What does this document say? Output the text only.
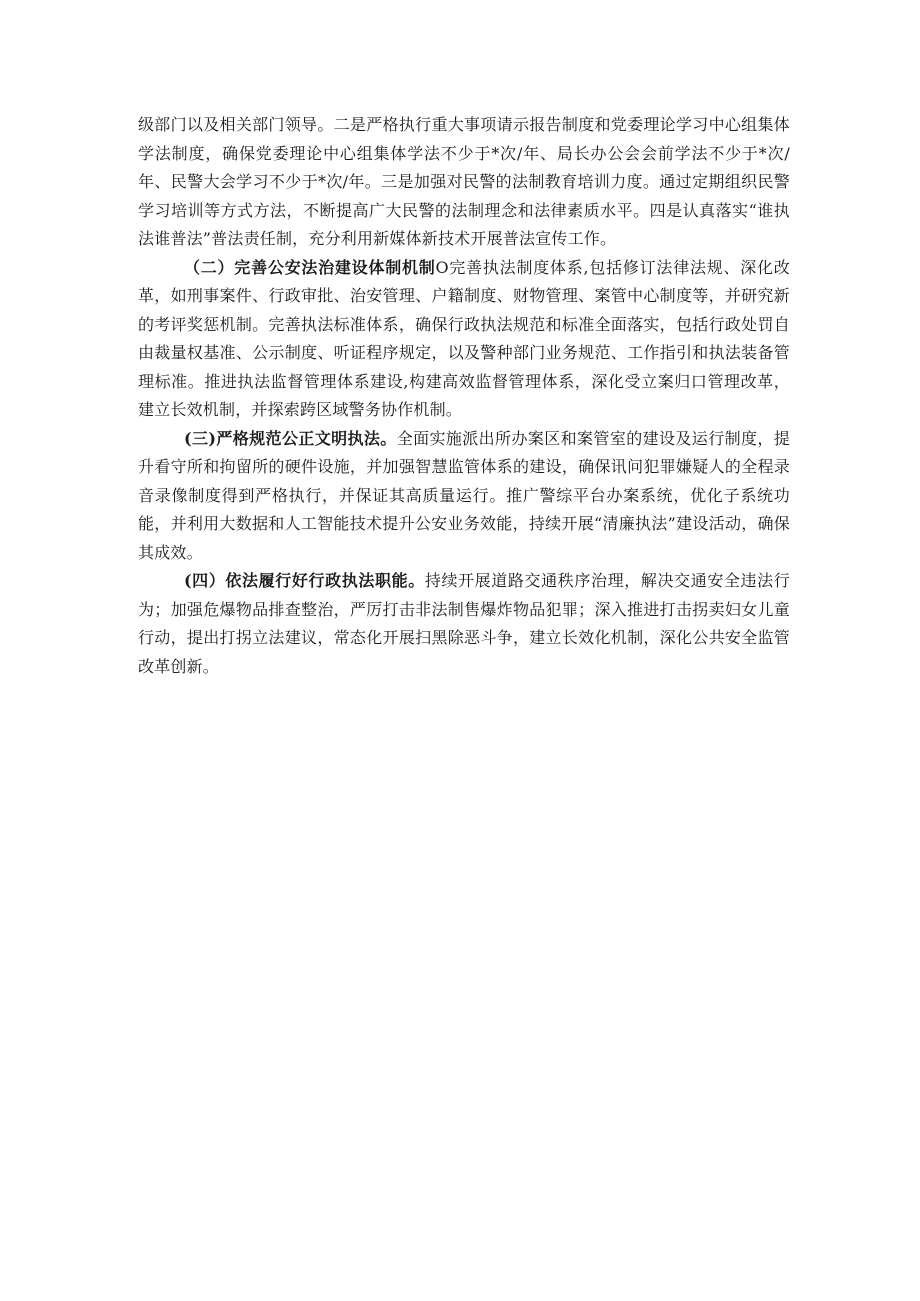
级部门以及相关部门领导。二是严格执行重大事项请示报告制度和党委理论学习中心组集体学法制度，确保党委理论中心组集体学法不少于*次/年、局长办公会会前学法不少于*次/年、民警大会学习不少于*次/年。三是加强对民警的法制教育培训力度。通过定期组织民警学习培训等方式方法，不断提高广大民警的法制理念和法律素质水平。四是认真落实“谁执法谁普法”普法责任制，充分利用新媒体新技术开展普法宣传工作。

（二）完善公安法治建设体制机制O完善执法制度体系,包括修订法律法规、深化改革，如刑事案件、行政审批、治安管理、户籍制度、财物管理、案管中心制度等，并研究新的考评奖惩机制。完善执法标准体系，确保行政执法规范和标准全面落实，包括行政处罚自由裁量权基准、公示制度、听证程序规定，以及警种部门业务规范、工作指引和执法装备管理标准。推进执法监督管理体系建设,构建高效监督管理体系，深化受立案归口管理改革，建立长效机制，并探索跨区域警务协作机制。

(三)严格规范公正文明执法。全面实施派出所办案区和案管室的建设及运行制度，提升看守所和拘留所的硬件设施，并加强智慧监管体系的建设，确保讯问犯罪嫌疑人的全程录音录像制度得到严格执行，并保证其高质量运行。推广警综平台办案系统，优化子系统功能，并利用大数据和人工智能技术提升公安业务效能，持续开展“清廉执法”建设活动，确保其成效。

(四）依法履行好行政执法职能。持续开展道路交通秩序治理，解决交通安全违法行为；加强危爆物品排查整治，严厉打击非法制售爆炸物品犯罪；深入推进打击拐卖妇女儿童行动，提出打拐立法建议，常态化开展扫黑除恶斗争，建立长效化机制，深化公共安全监管改革创新。
